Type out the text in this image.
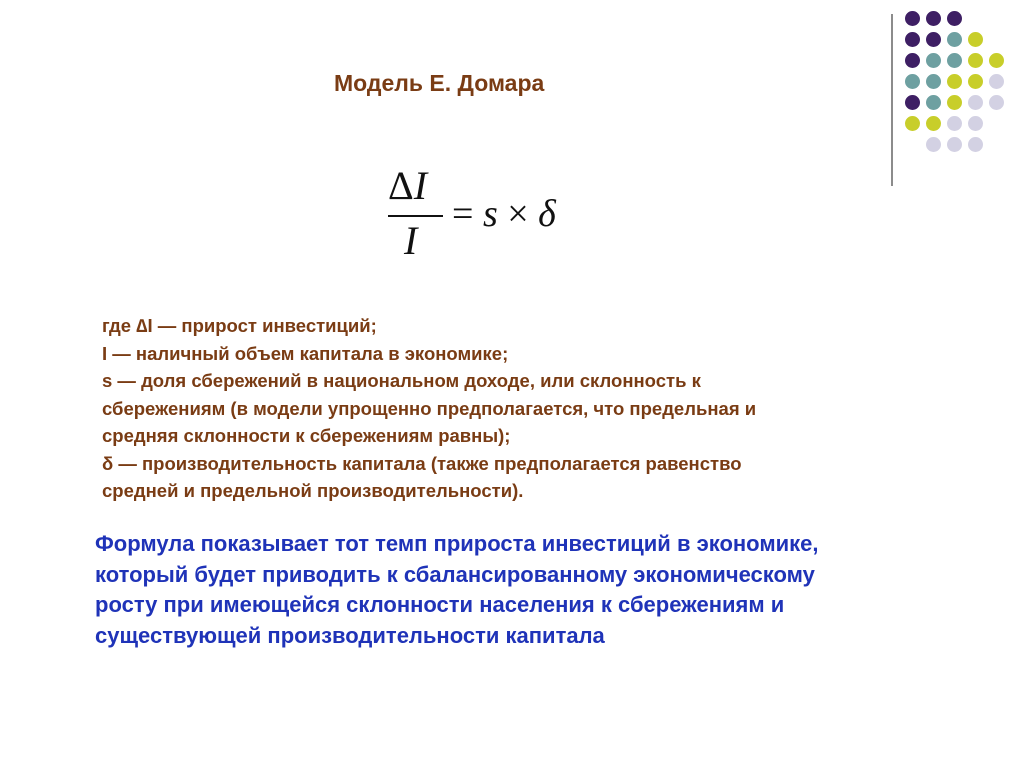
Модель Е. Домара
ΔI
I
= s × δ
где ∆I — прирост инвестиций;
I — наличный объем капитала в экономике;
s — доля сбережений в национальном доходе, или склонность к
сбережениям (в модели упрощенно предполагается, что предельная и
средняя склонности к сбережениям равны);
δ — производительность капитала (также предполагается равенство
средней и предельной производительности).
Формула показывает тот темп прироста инвестиций в экономике,
который будет приводить к сбалансированному экономическому
росту при имеющейся склонности населения к сбережениям и
существующей производительности капитала
